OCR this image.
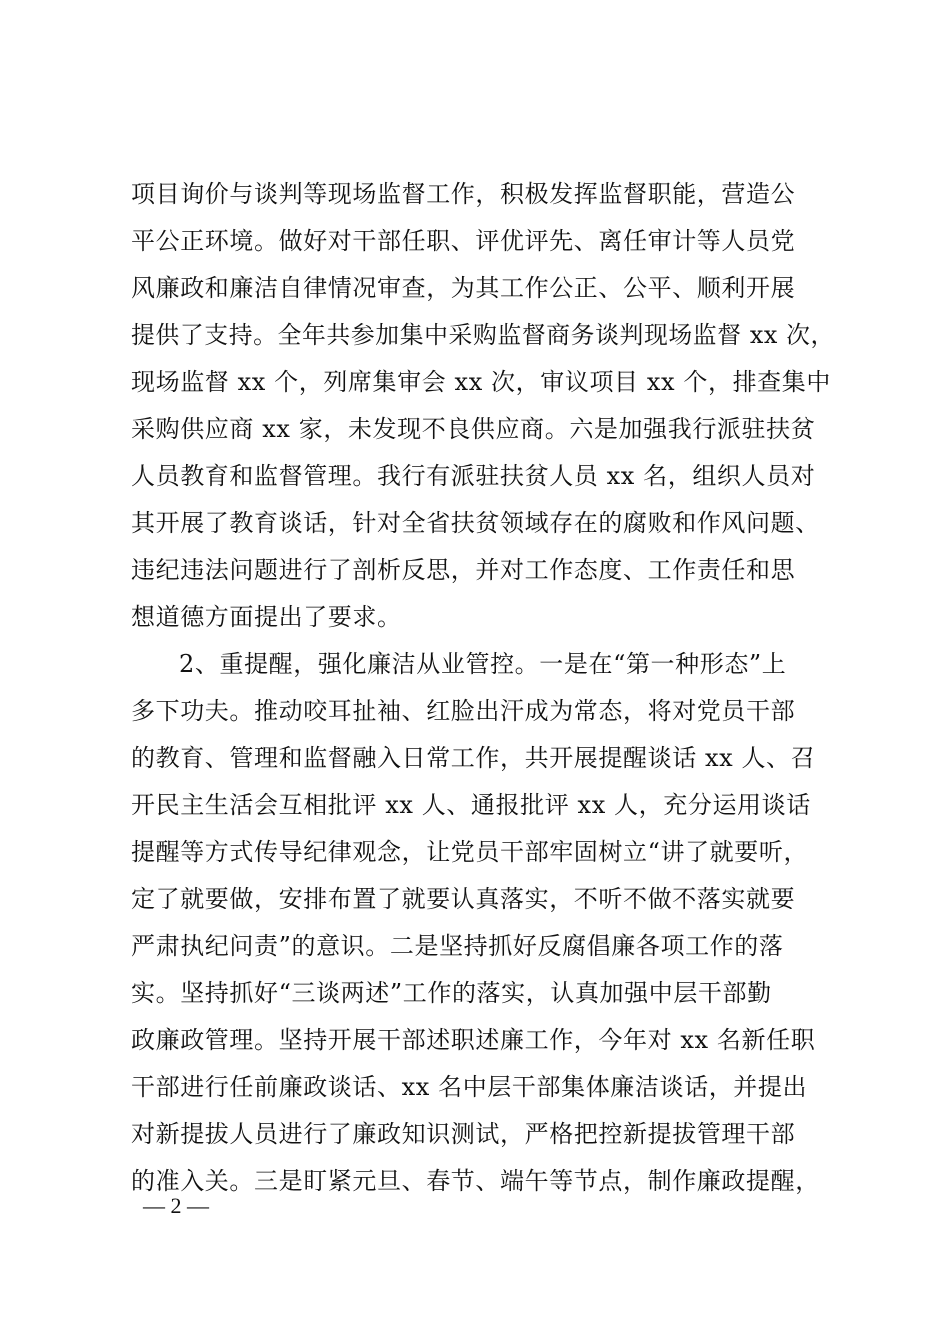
项目询价与谈判等现场监督工作，积极发挥监督职能，营造公
平公正环境。做好对干部任职、评优评先、离任审计等人员党
风廉政和廉洁自律情况审查，为其工作公正、公平、顺利开展
提供了支持。全年共参加集中采购监督商务谈判现场监督 xx 次，
现场监督 xx 个，列席集审会 xx 次，审议项目 xx 个，排查集中
采购供应商 xx 家，未发现不良供应商。六是加强我行派驻扶贫
人员教育和监督管理。我行有派驻扶贫人员 xx 名，组织人员对
其开展了教育谈话，针对全省扶贫领域存在的腐败和作风问题、
违纪违法问题进行了剖析反思，并对工作态度、工作责任和思
想道德方面提出了要求。
2、重提醒，强化廉洁从业管控。一是在“第一种形态”上
多下功夫。推动咬耳扯袖、红脸出汗成为常态，将对党员干部
的教育、管理和监督融入日常工作，共开展提醒谈话 xx 人、召
开民主生活会互相批评 xx 人、通报批评 xx 人，充分运用谈话
提醒等方式传导纪律观念，让党员干部牢固树立“讲了就要听，
定了就要做，安排布置了就要认真落实，不听不做不落实就要
严肃执纪问责”的意识。二是坚持抓好反腐倡廉各项工作的落
实。坚持抓好“三谈两述”工作的落实，认真加强中层干部勤
政廉政管理。坚持开展干部述职述廉工作，今年对 xx 名新任职
干部进行任前廉政谈话、xx 名中层干部集体廉洁谈话，并提出
对新提拔人员进行了廉政知识测试，严格把控新提拔管理干部
的准入关。三是盯紧元旦、春节、端午等节点，制作廉政提醒，
— 2 —
